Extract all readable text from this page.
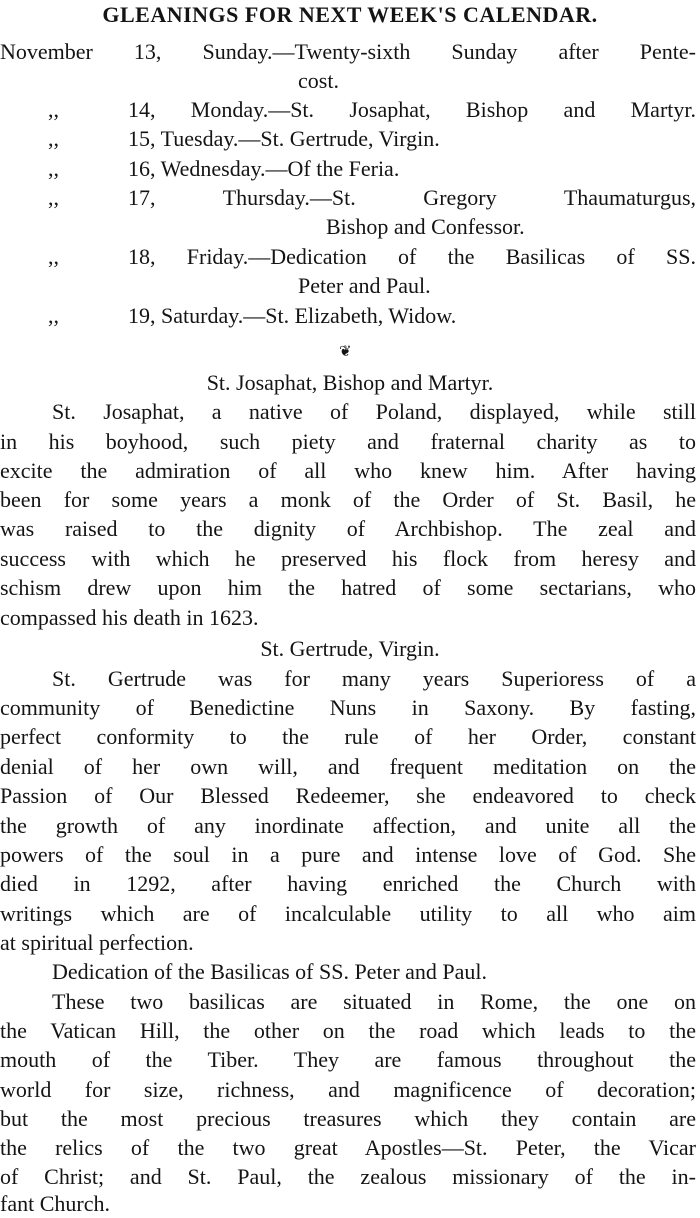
GLEANINGS FOR NEXT WEEK'S CALENDAR.
November 13, Sunday.—Twenty-sixth Sunday after Pente-
cost.
,,	14, Monday.—St. Josaphat, Bishop and Martyr.
,,	15, Tuesday.—St. Gertrude, Virgin.
,,	16, Wednesday.—Of the Feria.
,,	17, Thursday.—St. Gregory Thaumaturgus,
Bishop and Confessor.
,,	18, Friday.—Dedication of the Basilicas of SS.
Peter and Paul.
,,	19, Saturday.—St. Elizabeth, Widow.
❦
St. Josaphat, Bishop and Martyr.
St. Josaphat, a native of Poland, displayed, while still
in his boyhood, such piety and fraternal charity as to
excite the admiration of all who knew him. After having
been for some years a monk of the Order of St. Basil, he
was raised to the dignity of Archbishop. The zeal and
success with which he preserved his flock from heresy and
schism drew upon him the hatred of some sectarians, who
compassed his death in 1623.
St. Gertrude, Virgin.
St. Gertrude was for many years Superioress of a
community of Benedictine Nuns in Saxony. By fasting,
perfect conformity to the rule of her Order, constant
denial of her own will, and frequent meditation on the
Passion of Our Blessed Redeemer, she endeavored to check
the growth of any inordinate affection, and unite all the
powers of the soul in a pure and intense love of God. She
died in 1292, after having enriched the Church with
writings which are of incalculable utility to all who aim
at spiritual perfection.
Dedication of the Basilicas of SS. Peter and Paul.
These two basilicas are situated in Rome, the one on
the Vatican Hill, the other on the road which leads to the
mouth of the Tiber. They are famous throughout the
world for size, richness, and magnificence of decoration;
but the most precious treasures which they contain are
the relics of the two great Apostles—St. Peter, the Vicar
of Christ; and St. Paul, the zealous missionary of the in-
fant Church.
